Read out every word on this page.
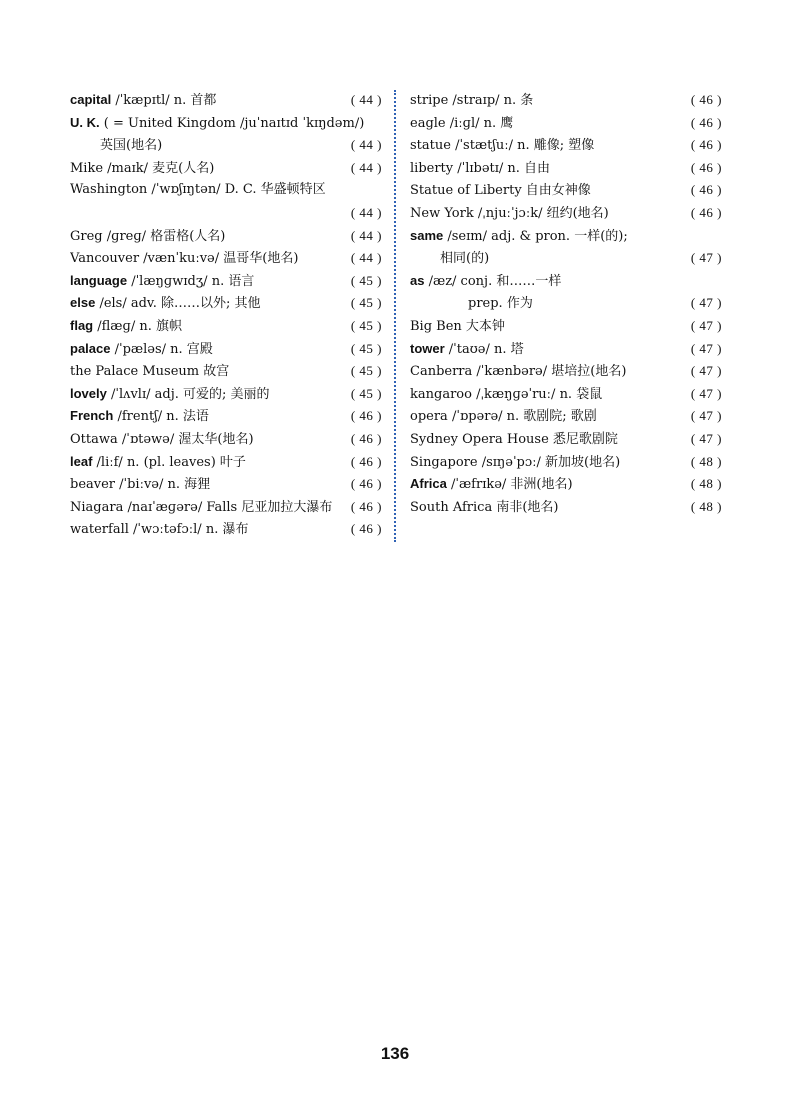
capital /ˈkæpɪtl/ n. 首都	( 44 )
U. K. ( = United Kingdom /juˈnaɪtɪd ˈkɪŋdəm/)
英国(地名)	( 44 )
Mike /maɪk/ 麦克(人名)	( 44 )
Washington /ˈwɒʃɪŋtən/ D. C. 华盛顿特区
( 44 )
Greg /ɡreɡ/ 格雷格(人名)	( 44 )
Vancouver /vænˈkuːvə/ 温哥华(地名)	( 44 )
language /ˈlæŋɡwɪdʒ/ n. 语言	( 45 )
else /els/ adv. 除……以外; 其他	( 45 )
flag /flæɡ/ n. 旗帜	( 45 )
palace /ˈpæləs/ n. 宫殿	( 45 )
the Palace Museum 故宫	( 45 )
lovely /ˈlʌvlɪ/ adj. 可爱的; 美丽的	( 45 )
French /frentʃ/ n. 法语	( 46 )
Ottawa /ˈɒtəwə/ 渥太华(地名)	( 46 )
leaf /liːf/ n. (pl. leaves) 叶子	( 46 )
beaver /ˈbiːvə/ n. 海狸	( 46 )
Niagara /naɪˈæɡərə/ Falls 尼亚加拉大瀑布	( 46 )
waterfall /ˈwɔːtəfɔːl/ n. 瀑布	( 46 )
stripe /straɪp/ n. 条	( 46 )
eagle /iːɡl/ n. 鹰	( 46 )
statue /ˈstætʃuː/ n. 雕像; 塑像	( 46 )
liberty /ˈlɪbətɪ/ n. 自由	( 46 )
Statue of Liberty 自由女神像	( 46 )
New York /ˌnjuːˈjɔːk/ 纽约(地名)	( 46 )
same /seɪm/ adj. & pron. 一样(的);
相同(的)	( 47 )
as /æz/ conj. 和……一样
prep. 作为	( 47 )
Big Ben 大本钟	( 47 )
tower /ˈtaʊə/ n. 塔	( 47 )
Canberra /ˈkænbərə/ 堪培拉(地名)	( 47 )
kangaroo /ˌkæŋɡəˈruː/ n. 袋鼠	( 47 )
opera /ˈɒpərə/ n. 歌剧院; 歌剧	( 47 )
Sydney Opera House 悉尼歌剧院	( 47 )
Singapore /sɪŋəˈpɔː/ 新加坡(地名)	( 48 )
Africa /ˈæfrɪkə/ 非洲(地名)	( 48 )
South Africa 南非(地名)	( 48 )
136
